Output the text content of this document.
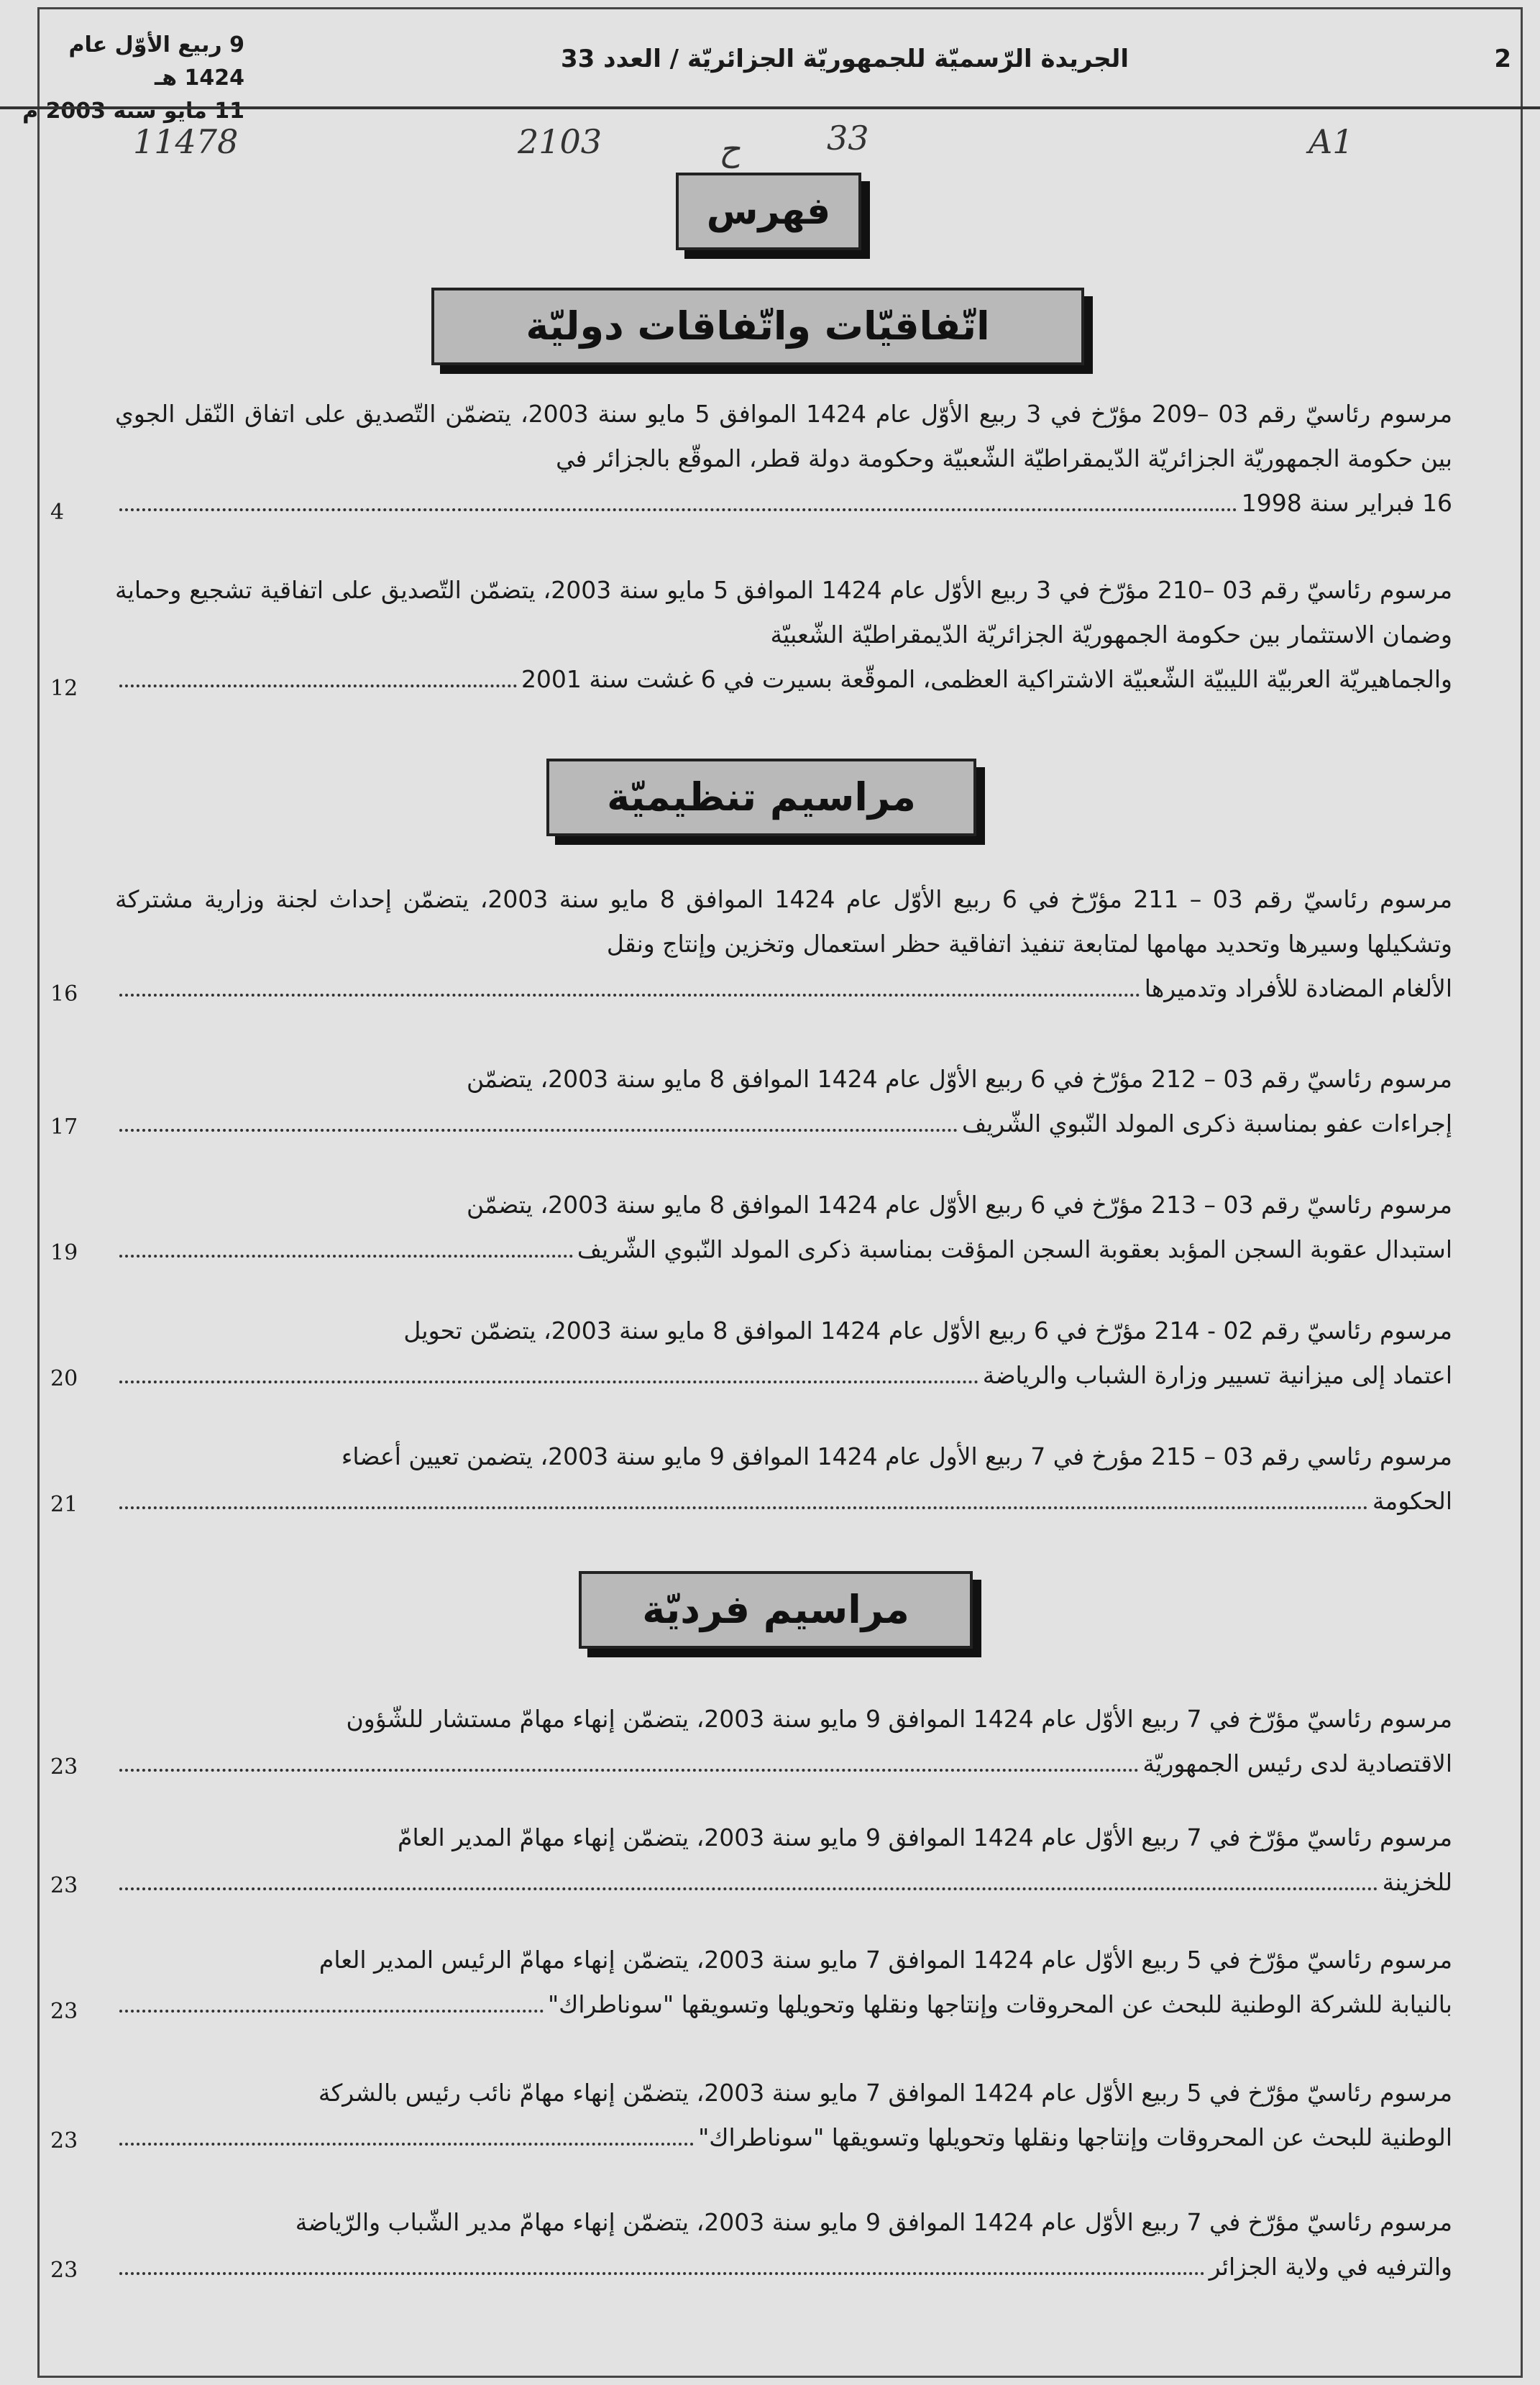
2
الجريدة الرّسميّة للجمهوريّة الجزائريّة / العدد 33
9 ربيع الأوّل عام 1424 هـ
11 مايو سنة 2003 م
A1
33
ح
2103
11478
فهرس
اتّفاقيّات واتّفاقات دوليّة
مرسوم رئاسيّ رقم 03 –209 مؤرّخ في 3 ربيع الأوّل عام 1424 الموافق 5 مايو سنة 2003، يتضمّن التّصديق على اتفاق النّقل الجوي بين حكومة الجمهوريّة الجزائريّة الدّيمقراطيّة الشّعبيّة وحكومة دولة قطر، الموقّع بالجزائر في
16 فبراير سنة 1998
4
مرسوم رئاسيّ رقم 03 –210 مؤرّخ في 3 ربيع الأوّل عام 1424 الموافق 5 مايو سنة 2003، يتضمّن التّصديق على اتفاقية تشجيع وحماية وضمان الاستثمار بين حكومة الجمهوريّة الجزائريّة الدّيمقراطيّة الشّعبيّة
والجماهيريّة العربيّة الليبيّة الشّعبيّة الاشتراكية العظمى، الموقّعة بسيرت في 6 غشت سنة 2001
12
مراسيم تنظيميّة
مرسوم رئاسيّ رقم 03 – 211 مؤرّخ في 6 ربيع الأوّل عام 1424 الموافق 8 مايو سنة 2003، يتضمّن إحداث لجنة وزارية مشتركة وتشكيلها وسيرها وتحديد مهامها لمتابعة تنفيذ اتفاقية حظر استعمال وتخزين وإنتاج ونقل
الألغام المضادة للأفراد وتدميرها
16
مرسوم رئاسيّ رقم 03 – 212 مؤرّخ في 6 ربيع الأوّل عام 1424 الموافق 8 مايو سنة 2003، يتضمّن
إجراءات عفو بمناسبة ذكرى المولد النّبوي الشّريف
17
مرسوم رئاسيّ رقم 03 – 213 مؤرّخ في 6 ربيع الأوّل عام 1424 الموافق 8 مايو سنة 2003، يتضمّن
استبدال عقوبة السجن المؤبد بعقوبة السجن المؤقت بمناسبة ذكرى المولد النّبوي الشّريف
19
مرسوم رئاسيّ رقم 02 - 214 مؤرّخ في 6 ربيع الأوّل عام 1424 الموافق 8 مايو سنة 2003، يتضمّن تحويل
اعتماد إلى ميزانية تسيير وزارة الشباب والرياضة
20
مرسوم رئاسي رقم 03 – 215 مؤرخ في 7 ربيع الأول عام 1424 الموافق 9 مايو سنة 2003، يتضمن تعيين أعضاء
الحكومة
21
مراسيم فرديّة
مرسوم رئاسيّ مؤرّخ في 7 ربيع الأوّل عام 1424 الموافق 9 مايو سنة 2003، يتضمّن إنهاء مهامّ مستشار للشّؤون
الاقتصادية لدى رئيس الجمهوريّة
23
مرسوم رئاسيّ مؤرّخ في 7 ربيع الأوّل عام 1424 الموافق 9 مايو سنة 2003، يتضمّن إنهاء مهامّ المدير العامّ
للخزينة
23
مرسوم رئاسيّ مؤرّخ في 5 ربيع الأوّل عام 1424 الموافق 7 مايو سنة 2003، يتضمّن إنهاء مهامّ الرئيس المدير العام
بالنيابة للشركة الوطنية للبحث عن المحروقات وإنتاجها ونقلها وتحويلها وتسويقها "سوناطراك"
23
مرسوم رئاسيّ مؤرّخ في 5 ربيع الأوّل عام 1424 الموافق 7 مايو سنة 2003، يتضمّن إنهاء مهامّ نائب رئيس بالشركة
الوطنية للبحث عن المحروقات وإنتاجها ونقلها وتحويلها وتسويقها "سوناطراك"
23
مرسوم رئاسيّ مؤرّخ في 7 ربيع الأوّل عام 1424 الموافق 9 مايو سنة 2003، يتضمّن إنهاء مهامّ مدير الشّباب والرّياضة
والترفيه في ولاية الجزائر
23
